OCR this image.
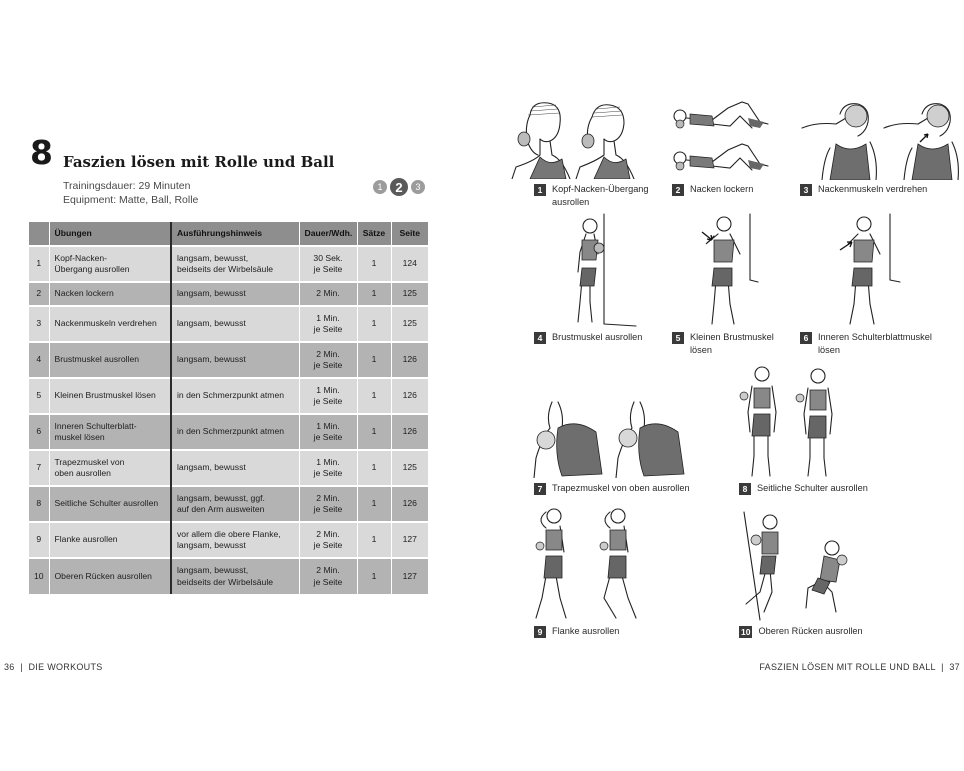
8 Faszien lösen mit Rolle und Ball
Trainingsdauer: 29 Minuten
Equipment: Matte, Ball, Rolle
1 2	3
	Übungen	Ausführungshinweis	Dauer/Wdh.	Sätze	Seite
1	Kopf-Nacken-
Übergang ausrollen	langsam, bewusst,
beidseits der Wirbelsäule	30 Sek.
je Seite	1	124
2	Nacken lockern	langsam, bewusst	2 Min.	1	125
3	Nackenmuskeln verdrehen	langsam, bewusst	1 Min.
je Seite	1	125
4	Brustmuskel ausrollen	langsam, bewusst	2 Min.
je Seite	1	126
5	Kleinen Brustmuskel lösen	in den Schmerzpunkt atmen	1 Min.
je Seite	1	126
6	Inneren Schulterblatt-
muskel lösen	in den Schmerzpunkt atmen	1 Min.
je Seite	1	126
7	Trapezmuskel von
oben ausrollen	langsam, bewusst	1 Min.
je Seite	1	125
8	Seitliche Schulter ausrollen	langsam, bewusst, ggf.
auf den Arm ausweiten	2 Min.
je Seite	1	126
9	Flanke ausrollen	vor allem die obere Flanke,
langsam, bewusst	2 Min.
je Seite	1	127
10	Oberen Rücken ausrollen	langsam, bewusst,
beidseits der Wirbelsäule	2 Min.
je Seite	1	127
1	Kopf-Nacken-Übergang
ausrollen
2	Nacken lockern	3	Nackenmuskeln verdrehen
4	Brustmuskel ausrollen	5	Kleinen Brustmuskel
lösen
6	Inneren Schulterblattmuskel
lösen
7	Trapezmuskel von oben ausrollen	8	Seitliche Schulter ausrollen
9	Flanke ausrollen	10 Oberen Rücken ausrollen
36 | DIE WORKOUTS	FASZIEN LÖSEN MIT ROLLE UND BALL | 37
